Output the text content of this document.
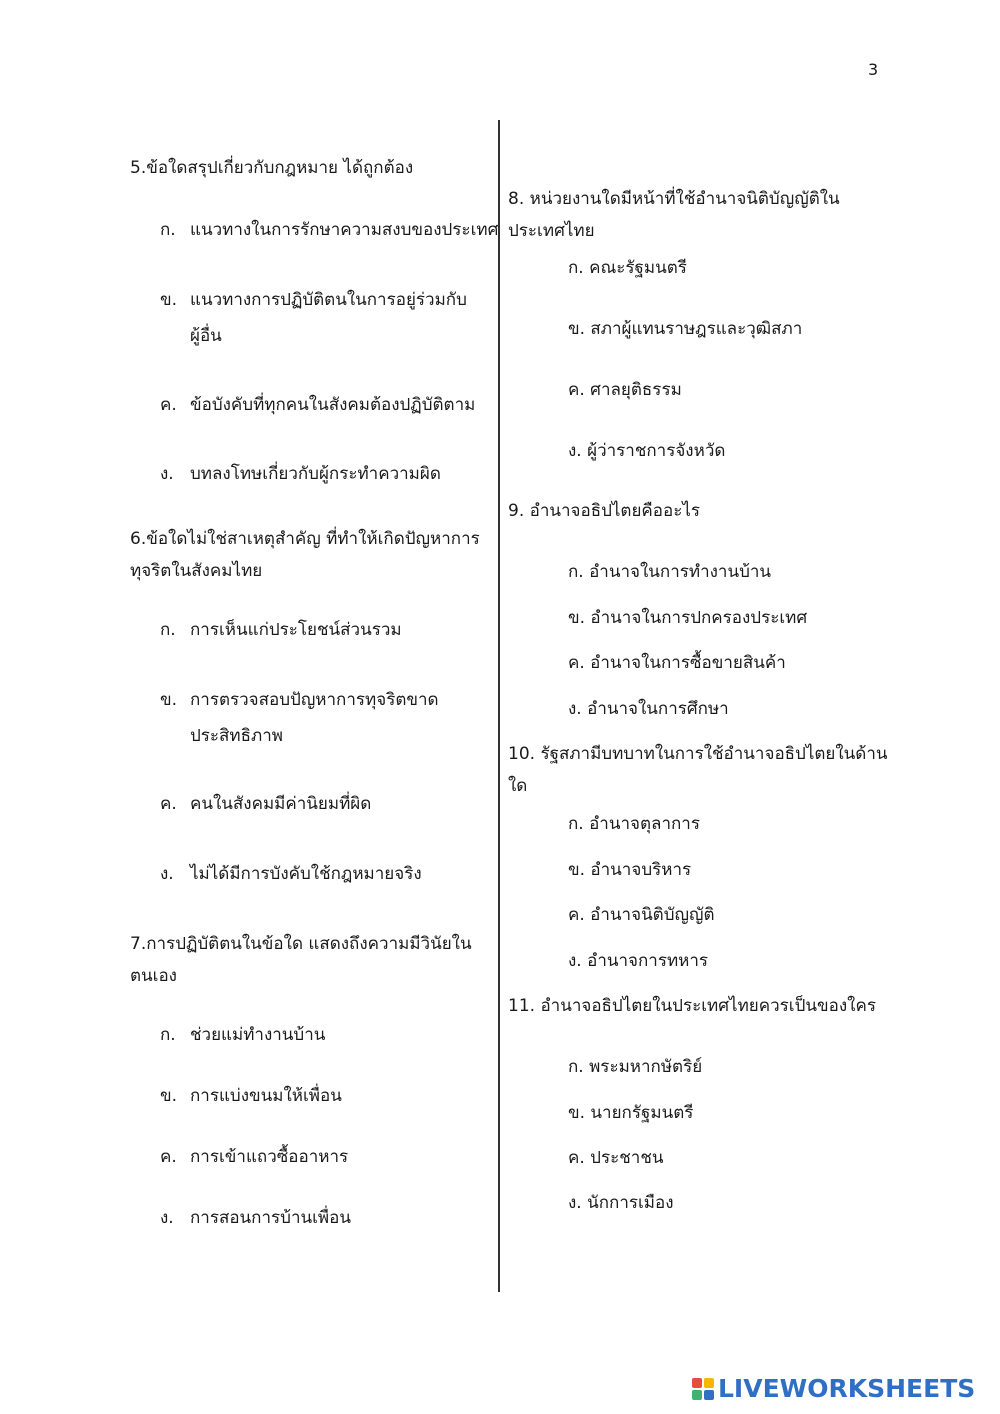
3
5.ข้อใดสรุปเกี่ยวกับกฎหมาย ได้ถูกต้อง
ก. แนวทางในการรักษาความสงบของประเทศ
ข. แนวทางการปฏิบัติตนในการอยู่ร่วมกับ
ผู้อื่น
ค. ข้อบังคับที่ทุกคนในสังคมต้องปฏิบัติตาม
ง. บทลงโทษเกี่ยวกับผู้กระทำความผิด
6.ข้อใดไม่ใช่สาเหตุสำคัญ ที่ทำให้เกิดปัญหาการ
ทุจริตในสังคมไทย
ก. การเห็นแก่ประโยชน์ส่วนรวม
ข. การตรวจสอบปัญหาการทุจริตขาด
ประสิทธิภาพ
ค. คนในสังคมมีค่านิยมที่ผิด
ง. ไม่ได้มีการบังคับใช้กฎหมายจริง
7.การปฏิบัติตนในข้อใด แสดงถึงความมีวินัยใน
ตนเอง
ก. ช่วยแม่ทำงานบ้าน
ข. การแบ่งขนมให้เพื่อน
ค. การเข้าแถวซื้ออาหาร
ง. การสอนการบ้านเพื่อน
8. หน่วยงานใดมีหน้าที่ใช้อำนาจนิติบัญญัติใน
ประเทศไทย
ก. คณะรัฐมนตรี
ข. สภาผู้แทนราษฎรและวุฒิสภา
ค. ศาลยุติธรรม
ง. ผู้ว่าราชการจังหวัด
9. อำนาจอธิปไตยคืออะไร
ก. อำนาจในการทำงานบ้าน
ข. อำนาจในการปกครองประเทศ
ค. อำนาจในการซื้อขายสินค้า
ง. อำนาจในการศึกษา
10. รัฐสภามีบทบาทในการใช้อำนาจอธิปไตยในด้าน
ใด
ก. อำนาจตุลาการ
ข. อำนาจบริหาร
ค. อำนาจนิติบัญญัติ
ง. อำนาจการทหาร
11. อำนาจอธิปไตยในประเทศไทยควรเป็นของใคร
ก. พระมหากษัตริย์
ข. นายกรัฐมนตรี
ค. ประชาชน
ง. นักการเมือง
LIVEWORKSHEETS
